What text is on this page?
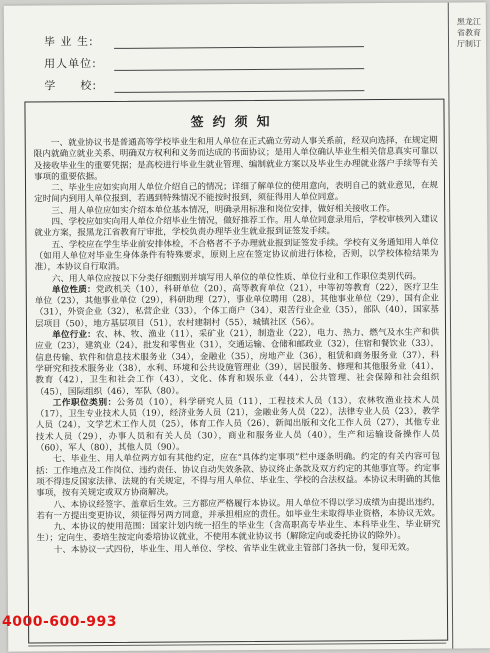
黑龙江省教育厅制订
毕 业 生:
用人单位:
学　　校:
签约须知

一、就业协议书是普通高等学校毕业生和用人单位在正式确立劳动人事关系前，经双向选择，在规定期限内就确立就业关系、明确双方权利和义务而达成的书面协议；是用人单位确认毕业生相关信息真实可靠以及接收毕业生的重要凭据；是高校进行毕业生就业管理、编制就业方案以及毕业生办理就业落户手续等有关事项的重要依据。

二、毕业生应如实向用人单位介绍自己的情况；详细了解单位的使用意向，表明自己的就业意见，在规定时间内到用人单位报到，若遇到特殊情况不能按时报到，须征得用人单位同意。

三、用人单位应如实介绍本单位基本情况，明确录用标准和岗位安排，做好相关接收工作。

四、学校应如实向用人单位介绍毕业生情况，做好推荐工作。用人单位同意录用后，学校审核列入建议就业方案，报黑龙江省教育厅审批，学校负责办理毕业生就业报到证签发手续。

五、学校应在学生毕业前安排体检，不合格者不予办理就业报到证签发手续。学校有义务通知用人单位（如用人单位对毕业生身体条件有特殊要求，原则上应在签定协议前进行体检，否则，以学校体检结果为准），本协议自行取消。

六、用人单位应按以下分类仔细甄别并填写用人单位的单位性质、单位行业和工作职位类别代码。

单位性质：党政机关（10），科研单位（20），高等教育单位（21），中等初等教育（22），医疗卫生单位（23），其他事业单位（29），科研助理（27），事业单位聘用（28），其他事业单位（29），国有企业（31），外资企业（32），私营企业（33），个体工商户（34），艰苦行业企业（35），部队（40），国家基层项目（50），地方基层项目（51），农村建制村（55），城镇社区（56）。

单位行业：农、林、牧、渔业（11），采矿业（21），制造业（22），电力、热力、燃气及水生产和供应业（23），建筑业（24），批发和零售业（31），交通运输、仓储和邮政业（32），住宿和餐饮业（33），信息传输、软件和信息技术服务业（34），金融业（35），房地产业（36），租赁和商务服务业（37），科学研究和技术服务业（38），水利、环境和公共设施管理业（39），居民服务、修理和其他服务业（41），教育（42），卫生和社会工作（43），文化、体育和娱乐业（44），公共管理、社会保障和社会组织（45），国际组织（46），军队（80）。

工作职位类别：公务员（10），科学研究人员（11），工程技术人员（13），农林牧渔业技术人员（17），卫生专业技术人员（19），经济业务人员（21），金融业务人员（22），法律专业人员（23），教学人员（24），文学艺术工作人员（25），体育工作人员（26），新闻出版和文化工作人员（27），其他专业技术人员（29），办事人员和有关人员（30），商业和服务业人员（40），生产和运输设备操作人员（60），军人（80），其他人员（90）。

七、毕业生、用人单位两方如有其他约定，应在“具体约定事项”栏中逐条明确。约定的有关内容可包括：工作地点及工作岗位、违约责任、协议自动失效条款、协议终止条款及双方约定的其他事宜等。约定事项不得违反国家法律、法规的有关规定，不得与用人单位、毕业生、学校的合法权益。本协议未明确的其他事项，按有关规定或双方协商解决。

八、本协议经签字、盖章后生效。三方都应严格履行本协议。用人单位不得以学习成绩为由提出违约，若有一方提出变更协议，须征得另两方同意，并承担相应的责任。如毕业生未取得毕业资格，本协议无效。

九、本协议的使用范围：国家计划内统一招生的毕业生（含高职高专毕业生、本科毕业生、毕业研究生）；定向生、委培生按定向委培协议就业，不使用本就业协议书（解除定向或委托协议的除外）。

十、本协议一式四份，毕业生、用人单位、学校、省毕业生就业主管部门各执一份，复印无效。

4000-600-993
